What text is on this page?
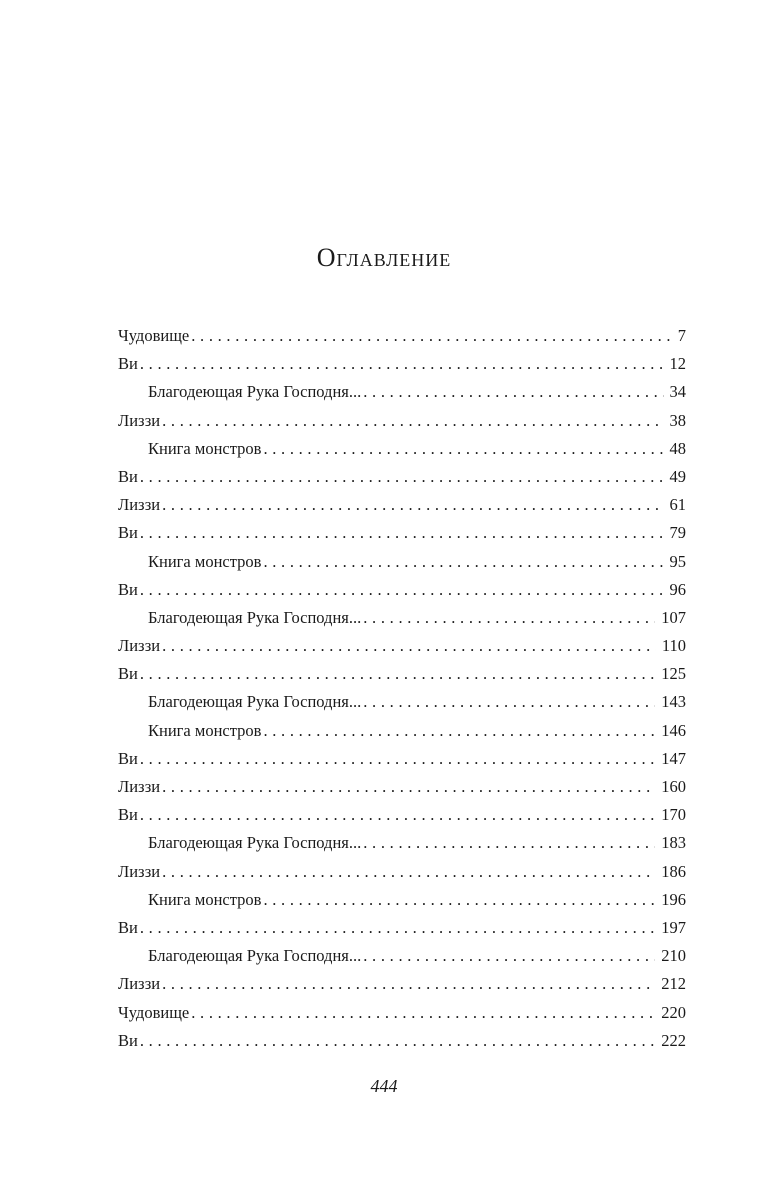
Оглавление
Чудовище . . .	7
Ви . . .	12
Благодеющая Рука Господня... . . .	34
Лиззи . . .	38
Книга монстров . . .	48
Ви . . .	49
Лиззи . . .	61
Ви . . .	79
Книга монстров . . .	95
Ви . . .	96
Благодеющая Рука Господня... . . .	107
Лиззи . . .	110
Ви . . .	125
Благодеющая Рука Господня... . . .	143
Книга монстров . . .	146
Ви . . .	147
Лиззи . . .	160
Ви . . .	170
Благодеющая Рука Господня... . . .	183
Лиззи . . .	186
Книга монстров . . .	196
Ви . . .	197
Благодеющая Рука Господня... . . .	210
Лиззи . . .	212
Чудовище . . .	220
Ви . . .	222
444
